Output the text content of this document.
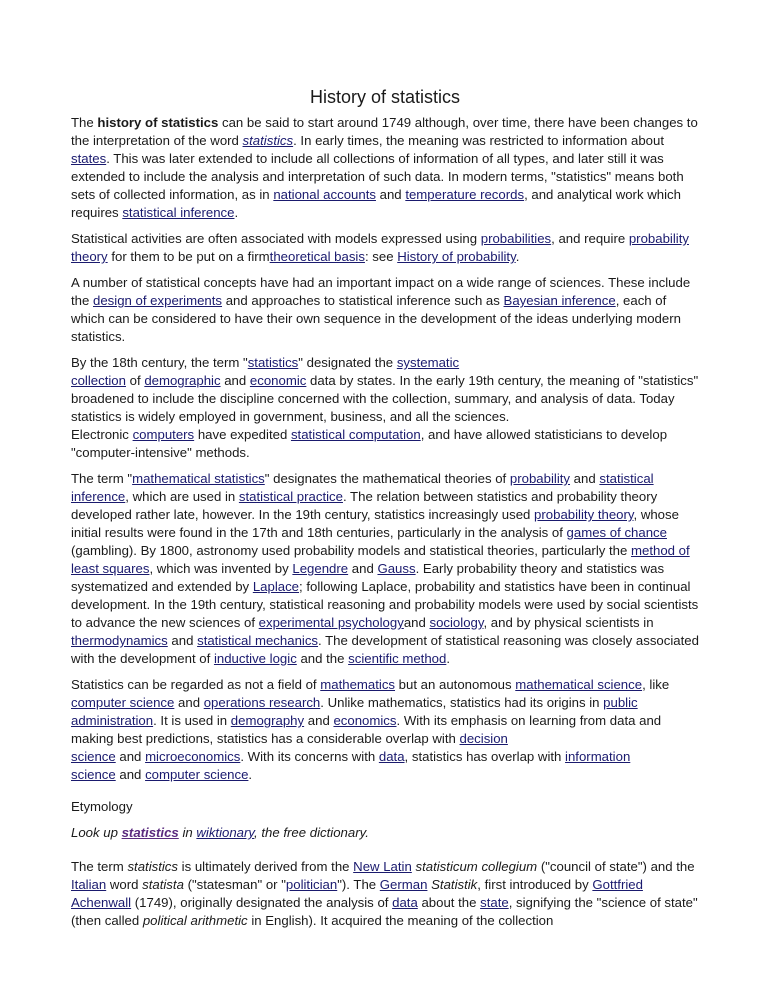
History of statistics

The history of statistics can be said to start around 1749 although, over time, there have been changes to the interpretation of the word statistics. In early times, the meaning was restricted to information about states. This was later extended to include all collections of information of all types, and later still it was extended to include the analysis and interpretation of such data. In modern terms, "statistics" means both sets of collected information, as in national accounts and temperature records, and analytical work which requires statistical inference.

Statistical activities are often associated with models expressed using probabilities, and require probability theory for them to be put on a firmtheoretical basis: see History of probability.

A number of statistical concepts have had an important impact on a wide range of sciences. These include the design of experiments and approaches to statistical inference such as Bayesian inference, each of which can be considered to have their own sequence in the development of the ideas underlying modern statistics.

By the 18th century, the term "statistics" designated the systematic
collection of demographic and economic data by states. In the early 19th century, the meaning of "statistics" broadened to include the discipline concerned with the collection, summary, and analysis of data. Today statistics is widely employed in government, business, and all the sciences.
Electronic computers have expedited statistical computation, and have allowed statisticians to develop "computer-intensive" methods.

The term "mathematical statistics" designates the mathematical theories of probability and statistical inference, which are used in statistical practice. The relation between statistics and probability theory developed rather late, however. In the 19th century, statistics increasingly used probability theory, whose initial results were found in the 17th and 18th centuries, particularly in the analysis of games of chance (gambling). By 1800, astronomy used probability models and statistical theories, particularly the method of least squares, which was invented by Legendre and Gauss. Early probability theory and statistics was systematized and extended by Laplace; following Laplace, probability and statistics have been in continual development. In the 19th century, statistical reasoning and probability models were used by social scientists to advance the new sciences of experimental psychologyand sociology, and by physical scientists in thermodynamics and statistical mechanics. The development of statistical reasoning was closely associated with the development of inductive logic and the scientific method.

Statistics can be regarded as not a field of mathematics but an autonomous mathematical science, like computer science and operations research. Unlike mathematics, statistics had its origins in public administration. It is used in demography and economics. With its emphasis on learning from data and making best predictions, statistics has a considerable overlap with decision
science and microeconomics. With its concerns with data, statistics has overlap with information
science and computer science.

Etymology

Look up statistics in wiktionary, the free dictionary.

The term statistics is ultimately derived from the New Latin statisticum collegium ("council of state") and the Italian word statista ("statesman" or "politician"). The German Statistik, first introduced by Gottfried Achenwall (1749), originally designated the analysis of data about the state, signifying the "science of state" (then called political arithmetic in English). It acquired the meaning of the collection
